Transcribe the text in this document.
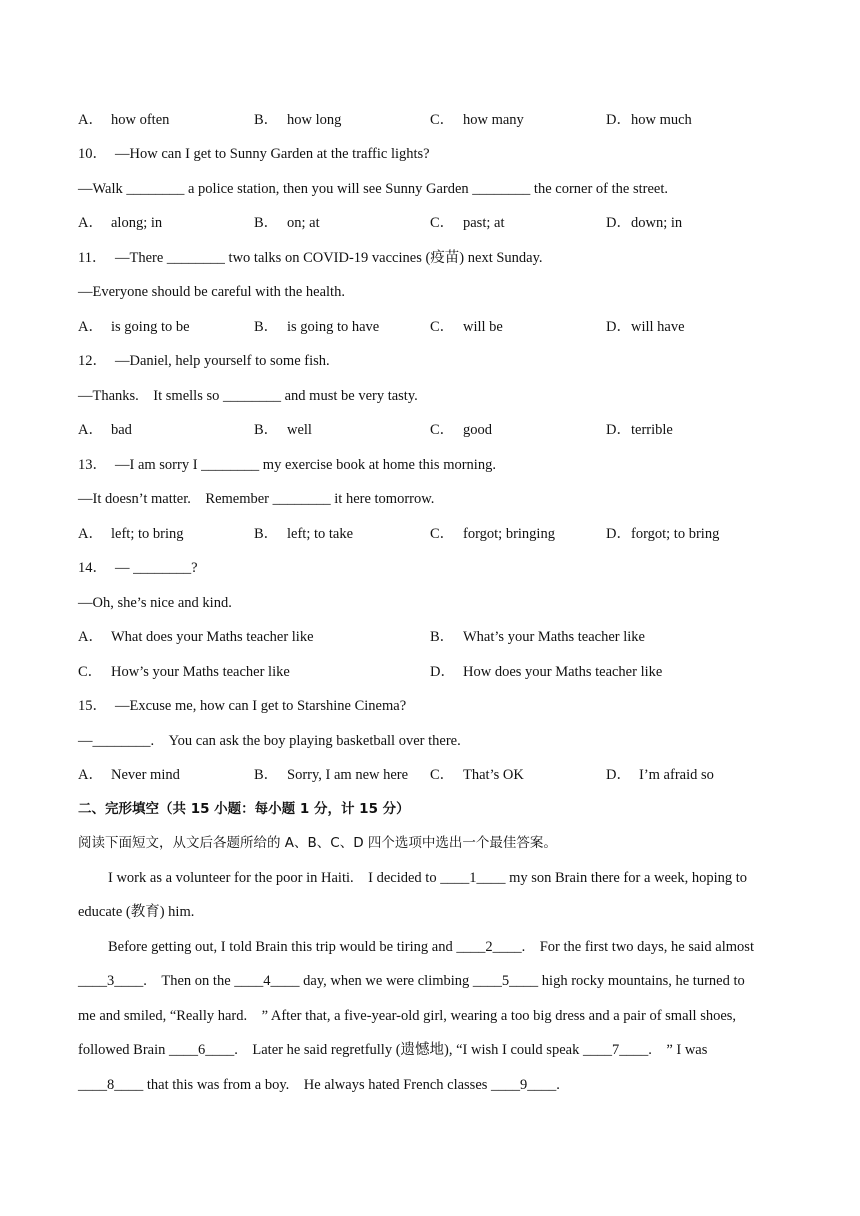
A． how often	B． how long	C． how many	D．how much
10． —How can I get to Sunny Garden at the traffic lights?
—Walk ________ a police station, then you will see Sunny Garden ________ the corner of the street.
A． along; in	B． on; at	C． past; at	D．down; in
11． —There ________ two talks on COVID-19 vaccines (疫苗) next Sunday.
—Everyone should be careful with the health.
A． is going to be	B． is going to have	C． will be	D．will have
12． —Daniel, help yourself to some fish.
—Thanks.　It smells so ________ and must be very tasty.
A． bad	B． well	C． good	D．terrible
13． —I am sorry I ________ my exercise book at home this morning.
—It doesn’t matter.　Remember ________ it here tomorrow.
A． left; to bring	B． left; to take	C． forgot; bringing	D．forgot; to bring
14． — ________?
—Oh, she’s nice and kind.
A． What does your Maths teacher like	B． What’s your Maths teacher like
C． How’s your Maths teacher like	D． How does your Maths teacher like
15． —Excuse me, how can I get to Starshine Cinema?
—________.　You can ask the boy playing basketball over there.
A． Never mind	B． Sorry, I am new here C． That’s OK	D． I’m afraid so
二、完形填空（共 15 小题：每小题 1 分，计 15 分）
阅读下面短文，从文后各题所给的 A、B、C、D 四个选项中选出一个最佳答案。
I work as a volunteer for the poor in Haiti.　I decided to ____1____ my son Brain there for a week, hoping to
educate (教育) him.
Before getting out, I told Brain this trip would be tiring and ____2____.　For the first two days, he said almost
____3____.　Then on the ____4____ day, when we were climbing ____5____ high rocky mountains, he turned to
me and smiled, “Really hard.　” After that, a five-year-old girl, wearing a too big dress and a pair of small shoes,
followed Brain ____6____.　Later he said regretfully (遗憾地), “I wish I could speak ____7____.　” I was
____8____ that this was from a boy.　He always hated French classes ____9____.
